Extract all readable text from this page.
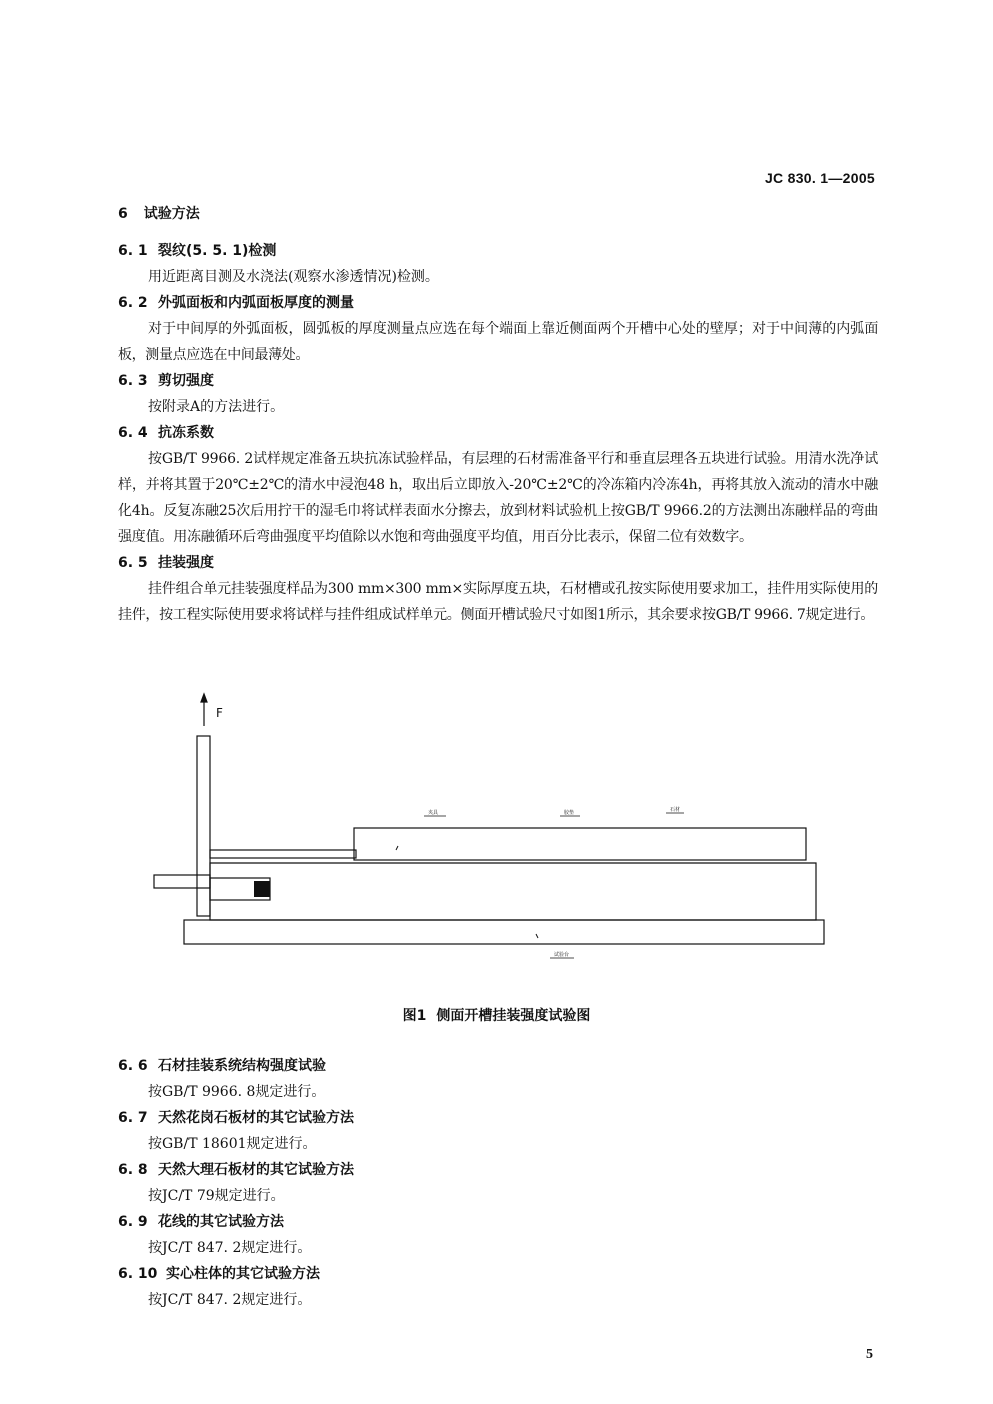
JC 830. 1—2005
6 试验方法
6. 1 裂纹(5. 5. 1)检测

用近距离目测及水浇法(观察水渗透情况)检测。

6. 2 外弧面板和内弧面板厚度的测量

对于中间厚的外弧面板，圆弧板的厚度测量点应选在每个端面上靠近侧面两个开槽中心处的壁厚；对于中间薄的内弧面板，测量点应选在中间最薄处。

6. 3 剪切强度

按附录A的方法进行。

6. 4 抗冻系数

按GB/T 9966. 2试样规定准备五块抗冻试验样品，有层理的石材需准备平行和垂直层理各五块进行试验。用清水洗净试样，并将其置于20℃±2℃的清水中浸泡48 h，取出后立即放入-20℃±2℃的冷冻箱内冷冻4h，再将其放入流动的清水中融化4h。反复冻融25次后用拧干的湿毛巾将试样表面水分擦去，放到材料试验机上按GB/T 9966.2的方法测出冻融样品的弯曲强度值。用冻融循环后弯曲强度平均值除以水饱和弯曲强度平均值，用百分比表示，保留二位有效数字。

6. 5 挂装强度

挂件组合单元挂装强度样品为300 mm×300 mm×实际厚度五块，石材槽或孔按实际使用要求加工，挂件用实际使用的挂件，按工程实际使用要求将试样与挂件组成试样单元。侧面开槽试验尺寸如图1所示，其余要求按GB/T 9966. 7规定进行。

F
夹具	胶垫	石材
试验台
图1 侧面开槽挂装强度试验图
6. 6 石材挂装系统结构强度试验

按GB/T 9966. 8规定进行。

6. 7 天然花岗石板材的其它试验方法

按GB/T 18601规定进行。

6. 8 天然大理石板材的其它试验方法

按JC/T 79规定进行。

6. 9 花线的其它试验方法

按JC/T 847. 2规定进行。

6. 10 实心柱体的其它试验方法

按JC/T 847. 2规定进行。

5
